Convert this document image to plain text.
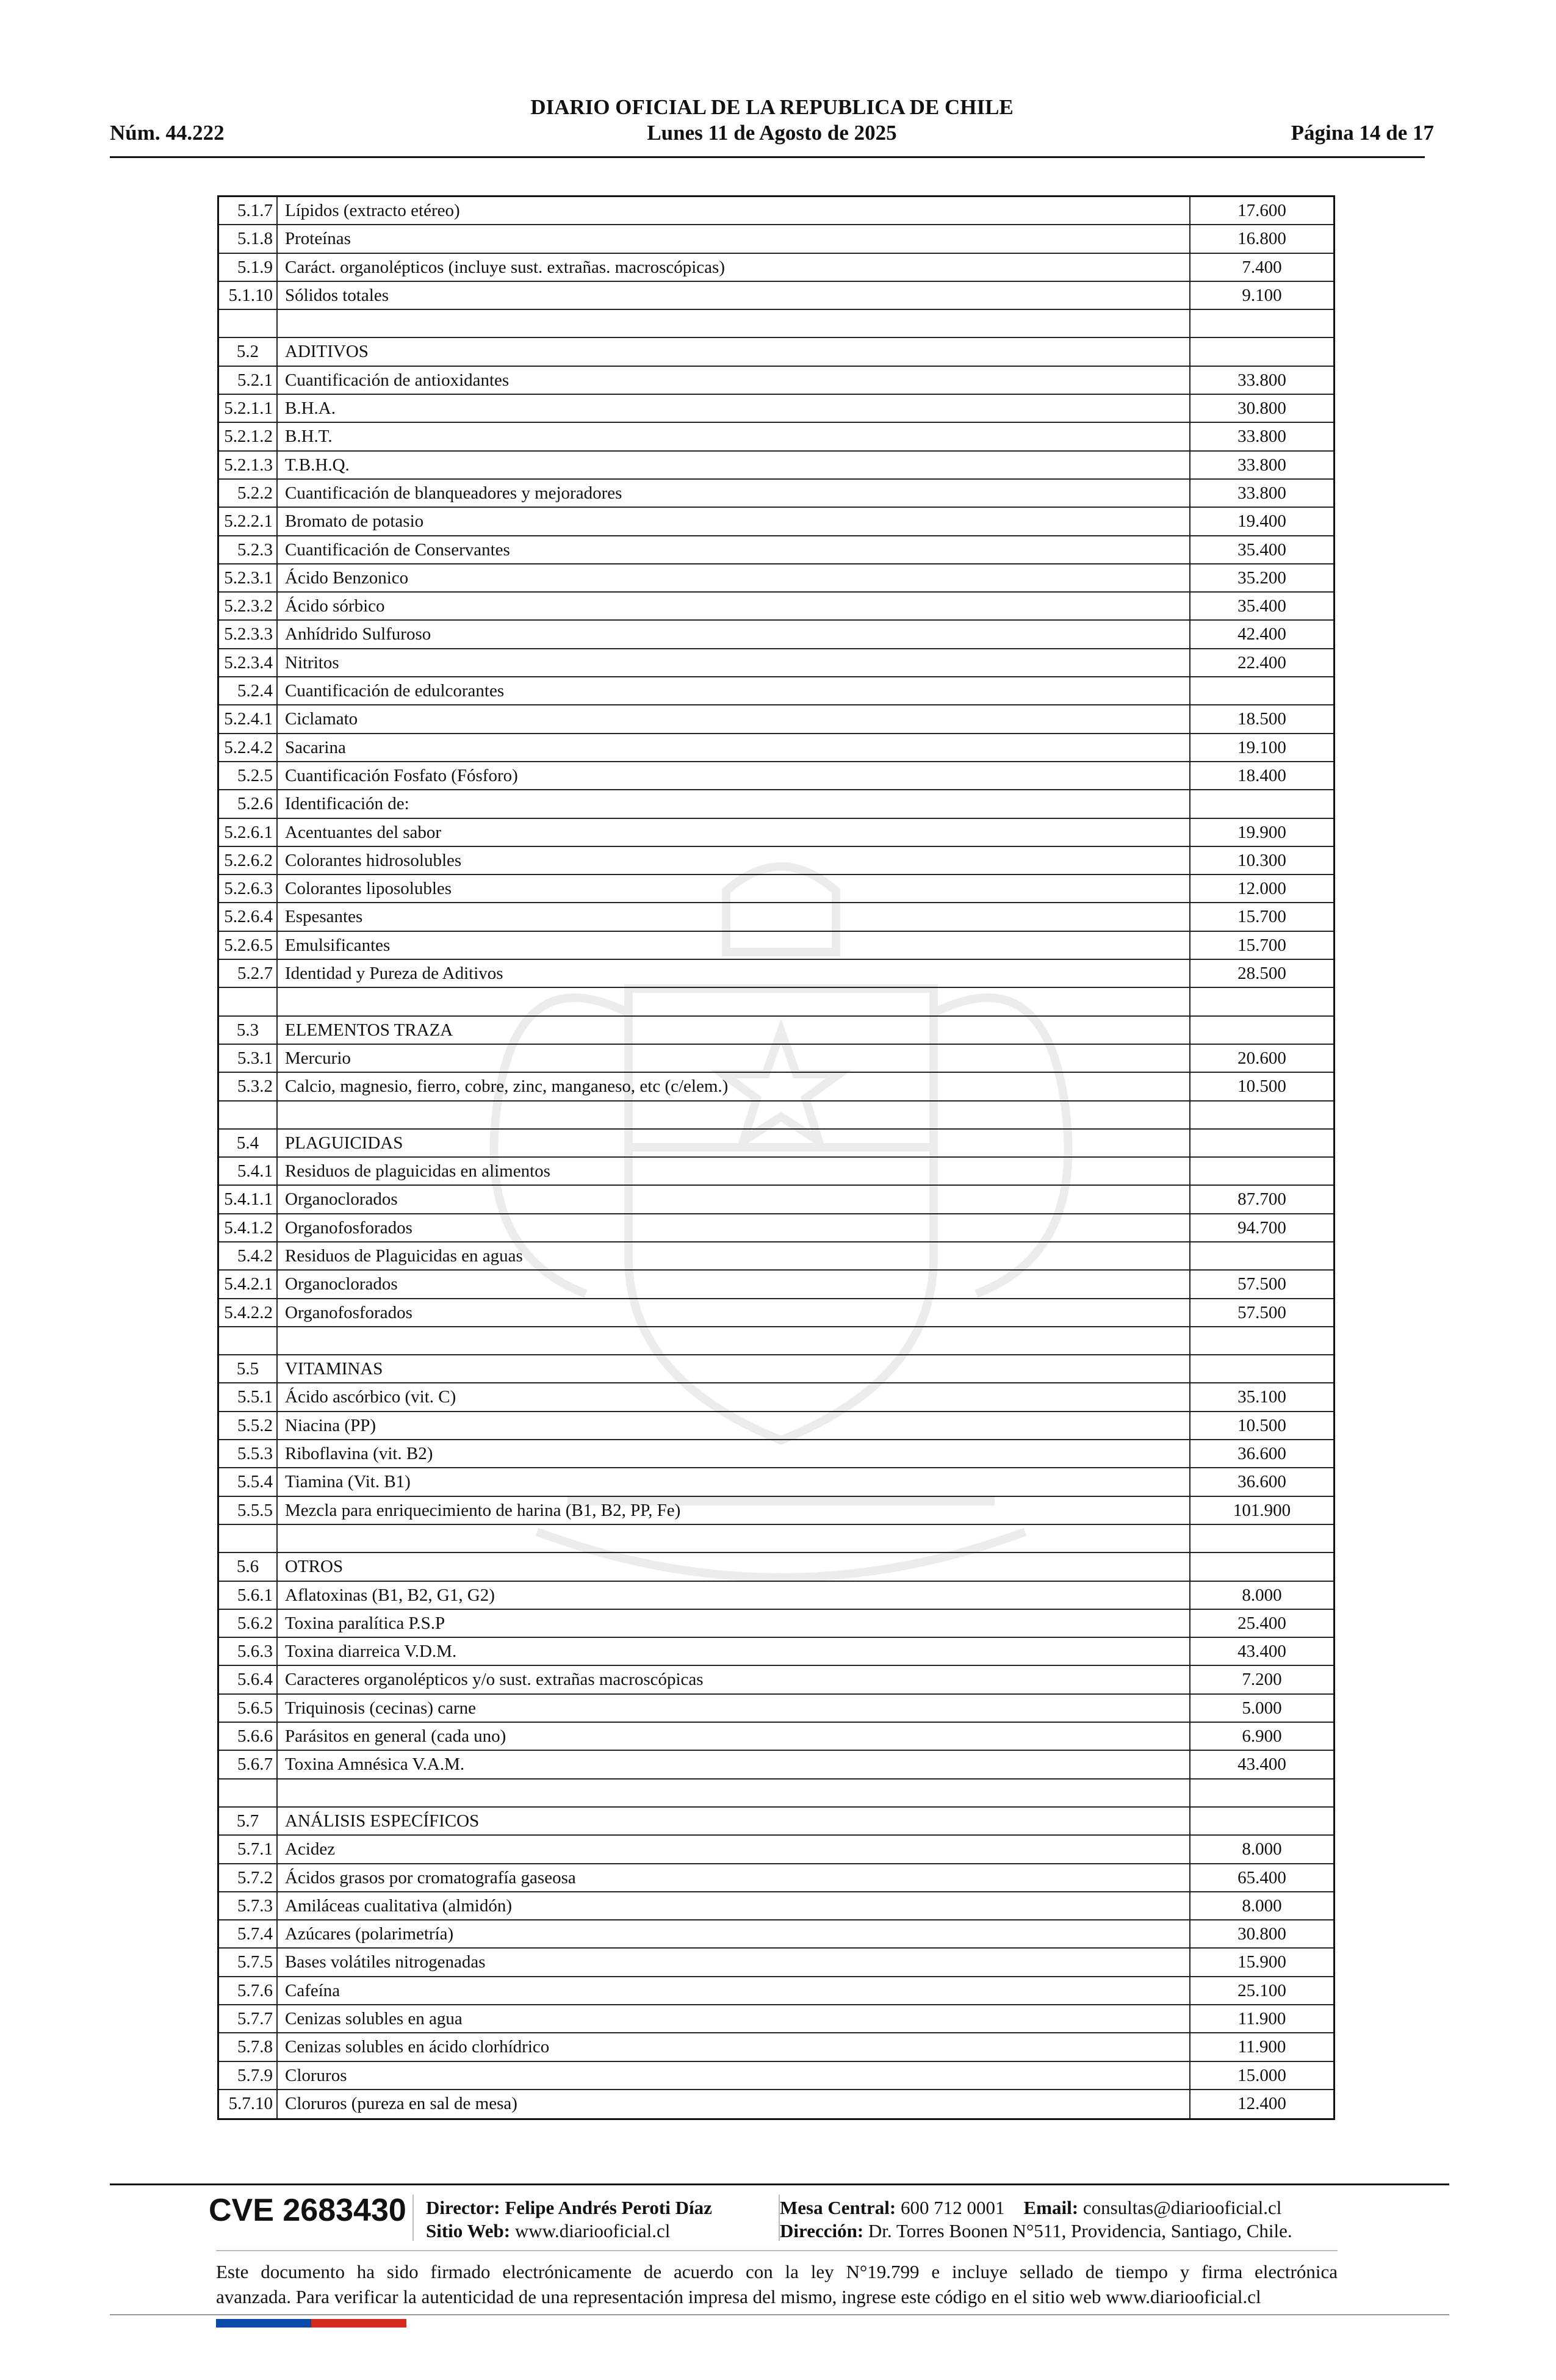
DIARIO OFICIAL DE LA REPUBLICA DE CHILE
Núm. 44.222	Lunes 11 de Agosto de 2025	Página 14 de 17
5.1.7 Lípidos (extracto etéreo)	17.600
5.1.8 Proteínas	16.800
5.1.9 Caráct. organolépticos (incluye sust. extrañas. macroscópicas)	7.400
5.1.10 Sólidos totales	9.100
5.2	ADITIVOS
5.2.1 Cuantificación de antioxidantes	33.800
5.2.1.1 B.H.A.	30.800
5.2.1.2 B.H.T.	33.800
5.2.1.3 T.B.H.Q.	33.800
5.2.2 Cuantificación de blanqueadores y mejoradores	33.800
5.2.2.1 Bromato de potasio	19.400
5.2.3 Cuantificación de Conservantes	35.400
5.2.3.1 Ácido Benzonico	35.200
5.2.3.2 Ácido sórbico	35.400
5.2.3.3 Anhídrido Sulfuroso	42.400
5.2.3.4 Nitritos	22.400
5.2.4 Cuantificación de edulcorantes
5.2.4.1 Ciclamato	18.500
5.2.4.2 Sacarina	19.100
5.2.5 Cuantificación Fosfato (Fósforo)	18.400
5.2.6 Identificación de:
5.2.6.1 Acentuantes del sabor	19.900
5.2.6.2 Colorantes hidrosolubles	10.300
5.2.6.3 Colorantes liposolubles	12.000
5.2.6.4 Espesantes	15.700
5.2.6.5 Emulsificantes	15.700
5.2.7 Identidad y Pureza de Aditivos	28.500
5.3	ELEMENTOS TRAZA
5.3.1 Mercurio	20.600
5.3.2 Calcio, magnesio, fierro, cobre, zinc, manganeso, etc (c/elem.)	10.500
5.4	PLAGUICIDAS
5.4.1 Residuos de plaguicidas en alimentos
5.4.1.1 Organoclorados	87.700
5.4.1.2 Organofosforados	94.700
5.4.2 Residuos de Plaguicidas en aguas
5.4.2.1 Organoclorados	57.500
5.4.2.2 Organofosforados	57.500
5.5	VITAMINAS
5.5.1 Ácido ascórbico (vit. C)	35.100
5.5.2 Niacina (PP)	10.500
5.5.3 Riboflavina (vit. B2)	36.600
5.5.4 Tiamina (Vit. B1)	36.600
5.5.5 Mezcla para enriquecimiento de harina (B1, B2, PP, Fe)	101.900
5.6	OTROS
5.6.1 Aflatoxinas (B1, B2, G1, G2)	8.000
5.6.2 Toxina paralítica P.S.P	25.400
5.6.3 Toxina diarreica V.D.M.	43.400
5.6.4 Caracteres organolépticos y/o sust. extrañas macroscópicas	7.200
5.6.5 Triquinosis (cecinas) carne	5.000
5.6.6 Parásitos en general (cada uno)	6.900
5.6.7 Toxina Amnésica V.A.M.	43.400
5.7	ANÁLISIS ESPECÍFICOS
5.7.1 Acidez	8.000
5.7.2 Ácidos grasos por cromatografía gaseosa	65.400
5.7.3 Amiláceas cualitativa (almidón)	8.000
5.7.4 Azúcares (polarimetría)	30.800
5.7.5 Bases volátiles nitrogenadas	15.900
5.7.6 Cafeína	25.100
5.7.7 Cenizas solubles en agua	11.900
5.7.8 Cenizas solubles en ácido clorhídrico	11.900
5.7.9 Cloruros	15.000
5.7.10 Cloruros (pureza en sal de mesa)	12.400
CVE 2683430 Director: Felipe Andrés Peroti Díaz
Sitio Web: www.diariooficial.cl
Mesa Central: 600 712 0001 Email: consultas@diariooficial.cl
Dirección: Dr. Torres Boonen N°511, Providencia, Santiago, Chile.
Este documento ha sido firmado electrónicamente de acuerdo con la ley N°19.799 e incluye sellado de tiempo y firma electrónica
avanzada. Para verificar la autenticidad de una representación impresa del mismo, ingrese este código en el sitio web www.diariooficial.cl
